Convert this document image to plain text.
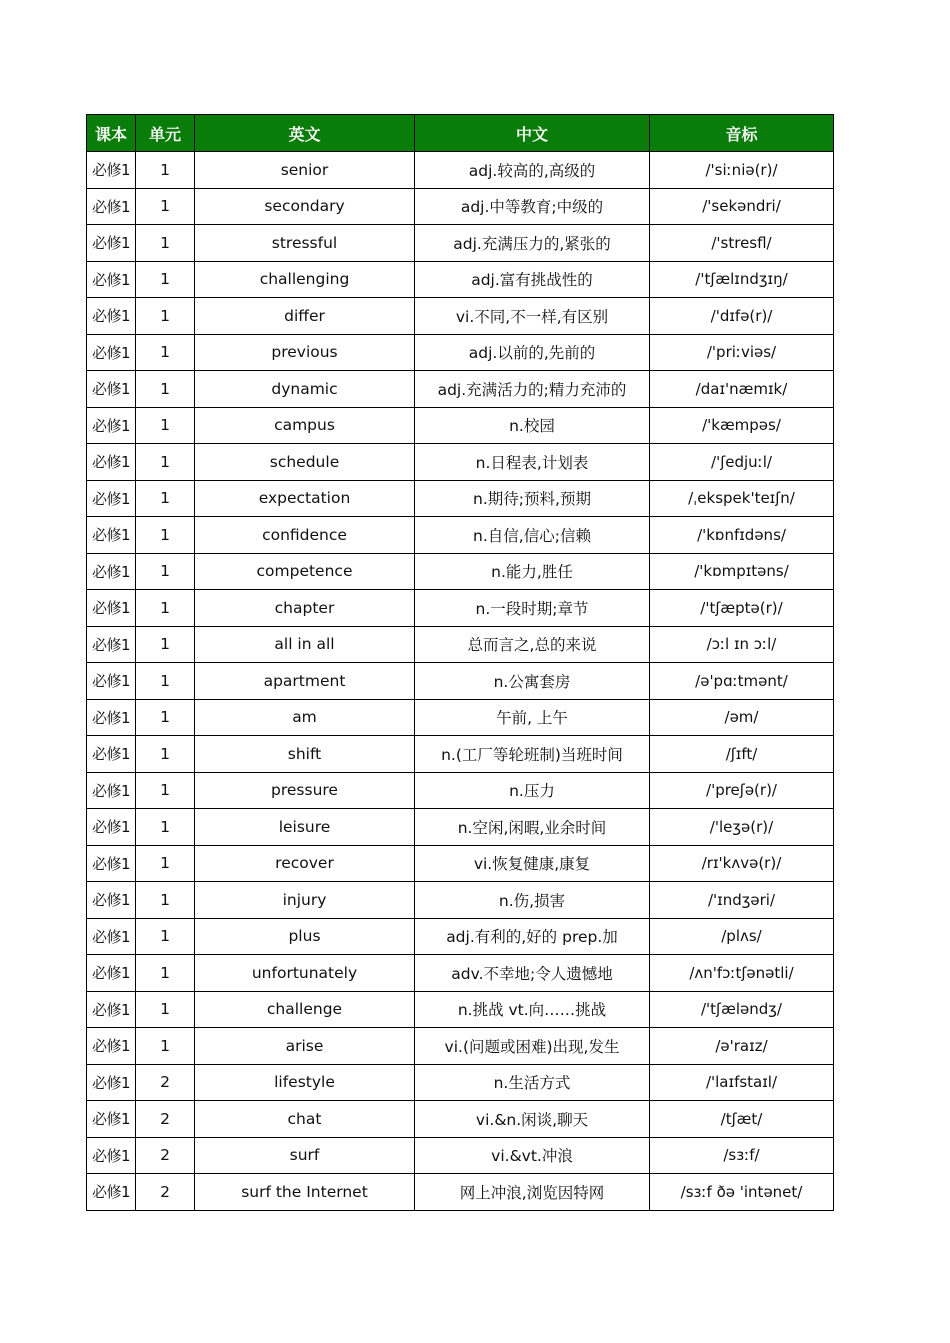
课本	单元	英文	中文	音标
必修1	1	senior	adj.较高的,高级的	/'siːniə(r)/
必修1	1	secondary	adj.中等教育;中级的	/'sekəndri/
必修1	1	stressful	adj.充满压力的,紧张的	/'stresfl/
必修1	1	challenging	adj.富有挑战性的	/'tʃælɪndʒɪŋ/
必修1	1	differ	vi.不同,不一样,有区别	/'dɪfə(r)/
必修1	1	previous	adj.以前的,先前的	/'priːviəs/
必修1	1	dynamic	adj.充满活力的;精力充沛的	/daɪ'næmɪk/
必修1	1	campus	n.校园	/'kæmpəs/
必修1	1	schedule	n.日程表,计划表	/'ʃedjuːl/
必修1	1	expectation	n.期待;预料,预期	/ˌekspek'teɪʃn/
必修1	1	confidence	n.自信,信心;信赖	/'kɒnfɪdəns/
必修1	1	competence	n.能力,胜任	/'kɒmpɪtəns/
必修1	1	chapter	n.一段时期;章节	/'tʃæptə(r)/
必修1	1	all in all	总而言之,总的来说	/ɔːl ɪn ɔːl/
必修1	1	apartment	n.公寓套房	/ə'pɑːtmənt/
必修1	1	am	午前, 上午	/əm/
必修1	1	shift	n.(工厂等轮班制)当班时间	/ʃɪft/
必修1	1	pressure	n.压力	/'preʃə(r)/
必修1	1	leisure	n.空闲,闲暇,业余时间	/'leʒə(r)/
必修1	1	recover	vi.恢复健康,康复	/rɪ'kʌvə(r)/
必修1	1	injury	n.伤,损害	/'ɪndʒəri/
必修1	1	plus	adj.有利的,好的 prep.加	/plʌs/
必修1	1	unfortunately	adv.不幸地;令人遗憾地	/ʌn'fɔːtʃənətli/
必修1	1	challenge	n.挑战 vt.向……挑战	/'tʃæləndʒ/
必修1	1	arise	vi.(问题或困难)出现,发生	/ə'raɪz/
必修1	2	lifestyle	n.生活方式	/'laɪfstaɪl/
必修1	2	chat	vi.&n.闲谈,聊天	/tʃæt/
必修1	2	surf	vi.&vt.冲浪	/sɜːf/
必修1	2	surf the Internet	网上冲浪,浏览因特网	/sɜːf ðə 'intənet/
